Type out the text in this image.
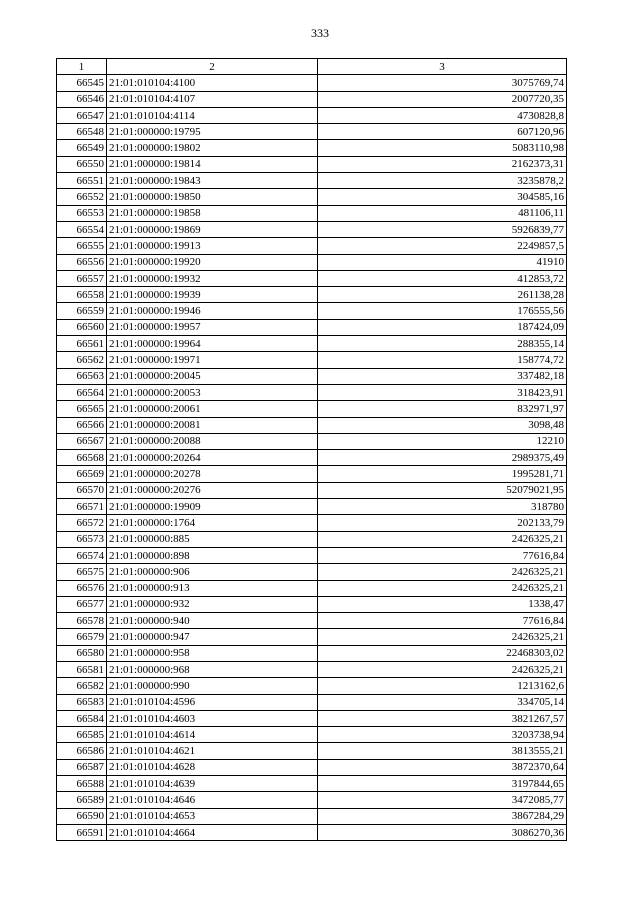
333
1	2	3
66545	21:01:010104:4100	3075769,74
66546	21:01:010104:4107	2007720,35
66547	21:01:010104:4114	4730828,8
66548	21:01:000000:19795	607120,96
66549	21:01:000000:19802	5083110,98
66550	21:01:000000:19814	2162373,31
66551	21:01:000000:19843	3235878,2
66552	21:01:000000:19850	304585,16
66553	21:01:000000:19858	481106,11
66554	21:01:000000:19869	5926839,77
66555	21:01:000000:19913	2249857,5
66556	21:01:000000:19920	41910
66557	21:01:000000:19932	412853,72
66558	21:01:000000:19939	261138,28
66559	21:01:000000:19946	176555,56
66560	21:01:000000:19957	187424,09
66561	21:01:000000:19964	288355,14
66562	21:01:000000:19971	158774,72
66563	21:01:000000:20045	337482,18
66564	21:01:000000:20053	318423,91
66565	21:01:000000:20061	832971,97
66566	21:01:000000:20081	3098,48
66567	21:01:000000:20088	12210
66568	21:01:000000:20264	2989375,49
66569	21:01:000000:20278	1995281,71
66570	21:01:000000:20276	52079021,95
66571	21:01:000000:19909	318780
66572	21:01:000000:1764	202133,79
66573	21:01:000000:885	2426325,21
66574	21:01:000000:898	77616,84
66575	21:01:000000:906	2426325,21
66576	21:01:000000:913	2426325,21
66577	21:01:000000:932	1338,47
66578	21:01:000000:940	77616,84
66579	21:01:000000:947	2426325,21
66580	21:01:000000:958	22468303,02
66581	21:01:000000:968	2426325,21
66582	21:01:000000:990	1213162,6
66583	21:01:010104:4596	334705,14
66584	21:01:010104:4603	3821267,57
66585	21:01:010104:4614	3203738,94
66586	21:01:010104:4621	3813555,21
66587	21:01:010104:4628	3872370,64
66588	21:01:010104:4639	3197844,65
66589	21:01:010104:4646	3472085,77
66590	21:01:010104:4653	3867284,29
66591	21:01:010104:4664	3086270,36
